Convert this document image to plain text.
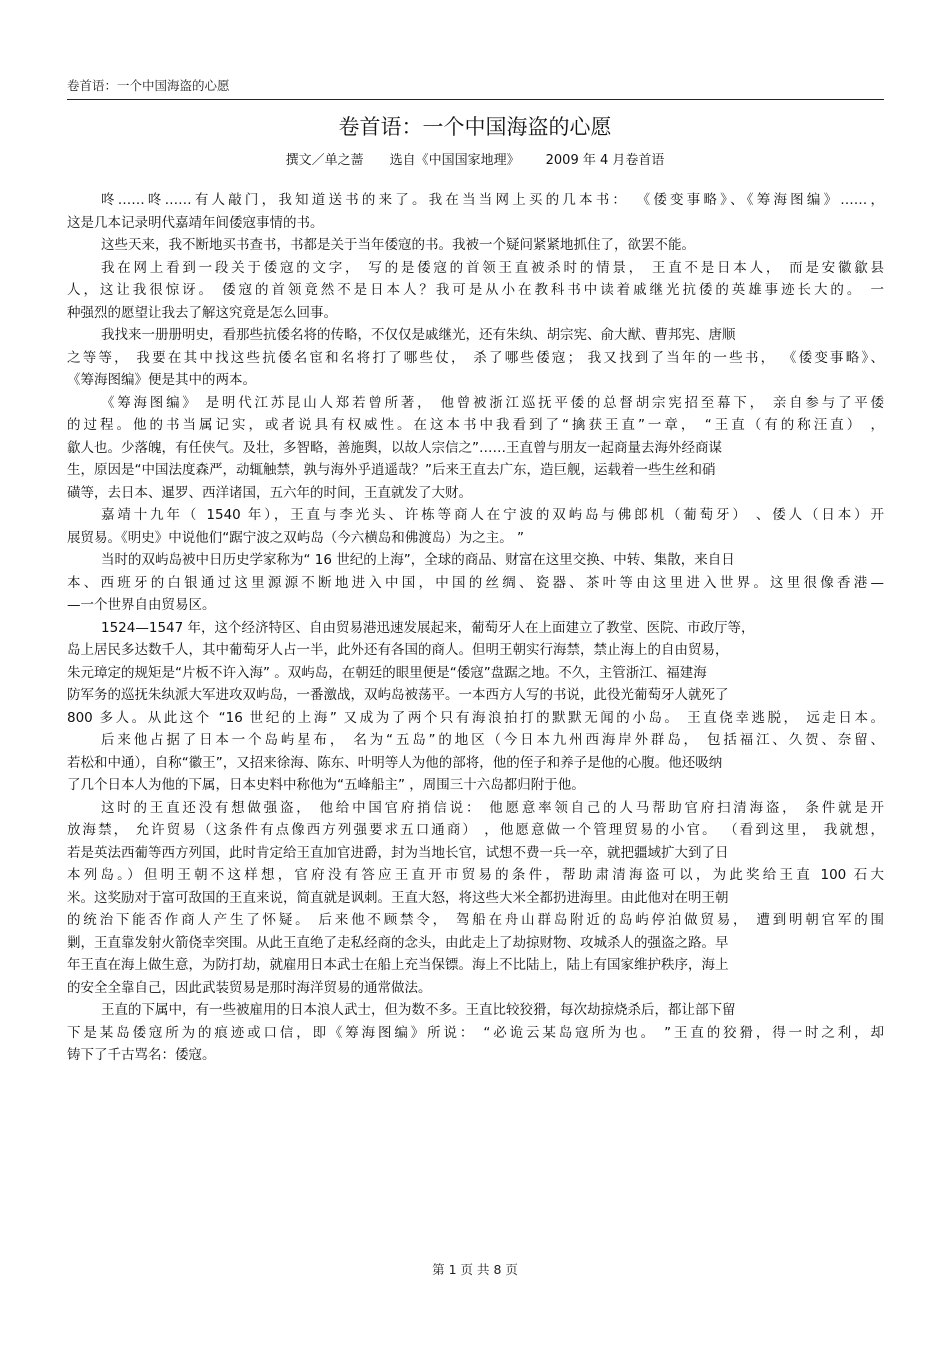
卷首语：一个中国海盗的心愿
卷首语：一个中国海盗的心愿
撰文／单之蔷 选自《中国国家地理》 2009 年 4 月卷首语
咚……咚……有人敲门，我知道送书的来了。我在当当网上买的几本书： 《倭变事略》、《筹海图编》……，
这是几本记录明代嘉靖年间倭寇事情的书。
这些天来，我不断地买书查书，书都是关于当年倭寇的书。我被一个疑问紧紧地抓住了，欲罢不能。
我在网上看到一段关于倭寇的文字， 写的是倭寇的首领王直被杀时的情景， 王直不是日本人， 而是安徽歙县
人，这让我很惊讶。 倭寇的首领竟然不是日本人？我可是从小在教科书中读着戚继光抗倭的英雄事迹长大的。 一
种强烈的愿望让我去了解这究竟是怎么回事。
我找来一册册明史，看那些抗倭名将的传略，不仅仅是戚继光，还有朱纨、胡宗宪、俞大猷、曹邦宪、唐顺
之等等， 我要在其中找这些抗倭名宦和名将打了哪些仗， 杀了哪些倭寇； 我又找到了当年的一些书， 《倭变事略》、
《筹海图编》便是其中的两本。
《筹海图编》 是明代江苏昆山人郑若曾所著， 他曾被浙江巡抚平倭的总督胡宗宪招至幕下， 亲自参与了平倭
的过程。他的书当属记实，或者说具有权威性。在这本书中我看到了“擒获王直”一章， “王直（有的称汪直） ，
歙人也。少落魄，有任侠气。及壮，多智略，善施舆，以故人宗信之”……王直曾与朋友一起商量去海外经商谋
生，原因是“中国法度森严，动辄触禁，孰与海外乎逍遥哉？”后来王直去广东，造巨舰，运载着一些生丝和硝
磺等，去日本、暹罗、西洋诸国，五六年的时间，王直就发了大财。
嘉靖十九年（ 1540 年），王直与李光头、许栋等商人在宁波的双屿岛与佛郎机（葡萄牙） 、倭人（日本）开
展贸易。《明史》中说他们“踞宁波之双屿岛（今六横岛和佛渡岛）为之主。 ”
当时的双屿岛被中日历史学家称为“ 16 世纪的上海”，全球的商品、财富在这里交换、中转、集散，来自日
本、西班牙的白银通过这里源源不断地进入中国，中国的丝绸、瓷器、茶叶等由这里进入世界。这里很像香港—
—一个世界自由贸易区。
1524—1547 年，这个经济特区、自由贸易港迅速发展起来，葡萄牙人在上面建立了教堂、医院、市政厅等，
岛上居民多达数千人，其中葡萄牙人占一半，此外还有各国的商人。但明王朝实行海禁，禁止海上的自由贸易，
朱元璋定的规矩是“片板不许入海” 。双屿岛，在朝廷的眼里便是“倭寇”盘踞之地。不久，主管浙江、福建海
防军务的巡抚朱纨派大军进攻双屿岛，一番激战，双屿岛被荡平。一本西方人写的书说，此役光葡萄牙人就死了
800 多人。从此这个 “16 世纪的上海” 又成为了两个只有海浪拍打的默默无闻的小岛。 王直侥幸逃脱， 远走日本。
后来他占据了日本一个岛屿星布， 名为“五岛”的地区（今日本九州西海岸外群岛， 包括福江、久贺、奈留、
若松和中通），自称“徽王”，又招来徐海、陈东、叶明等人为他的部将，他的侄子和养子是他的心腹。他还吸纳
了几个日本人为他的下属，日本史料中称他为“五峰船主” ，周围三十六岛都归附于他。
这时的王直还没有想做强盗， 他给中国官府捎信说： 他愿意率领自己的人马帮助官府扫清海盗， 条件就是开
放海禁， 允许贸易（这条件有点像西方列强要求五口通商） ，他愿意做一个管理贸易的小官。 （看到这里， 我就想，
若是英法西葡等西方列国，此时肯定给王直加官进爵，封为当地长官，试想不费一兵一卒，就把疆域扩大到了日
本列岛。）但明王朝不这样想，官府没有答应王直开市贸易的条件，帮助肃清海盗可以，为此奖给王直 100 石大
米。这奖励对于富可敌国的王直来说，简直就是讽刺。王直大怒，将这些大米全都扔进海里。由此他对在明王朝
的统治下能否作商人产生了怀疑。 后来他不顾禁令， 驾船在舟山群岛附近的岛屿停泊做贸易， 遭到明朝官军的围
剿，王直靠发射火箭侥幸突围。从此王直绝了走私经商的念头，由此走上了劫掠财物、攻城杀人的强盗之路。早
年王直在海上做生意，为防打劫，就雇用日本武士在船上充当保镖。海上不比陆上，陆上有国家维护秩序，海上
的安全全靠自己，因此武装贸易是那时海洋贸易的通常做法。
王直的下属中，有一些被雇用的日本浪人武士，但为数不多。王直比较狡猾，每次劫掠烧杀后，都让部下留
下是某岛倭寇所为的痕迹或口信，即《筹海图编》所说： “必诡云某岛寇所为也。 ”王直的狡猾，得一时之利，却
铸下了千古骂名：倭寇。
第 1 页 共 8 页
